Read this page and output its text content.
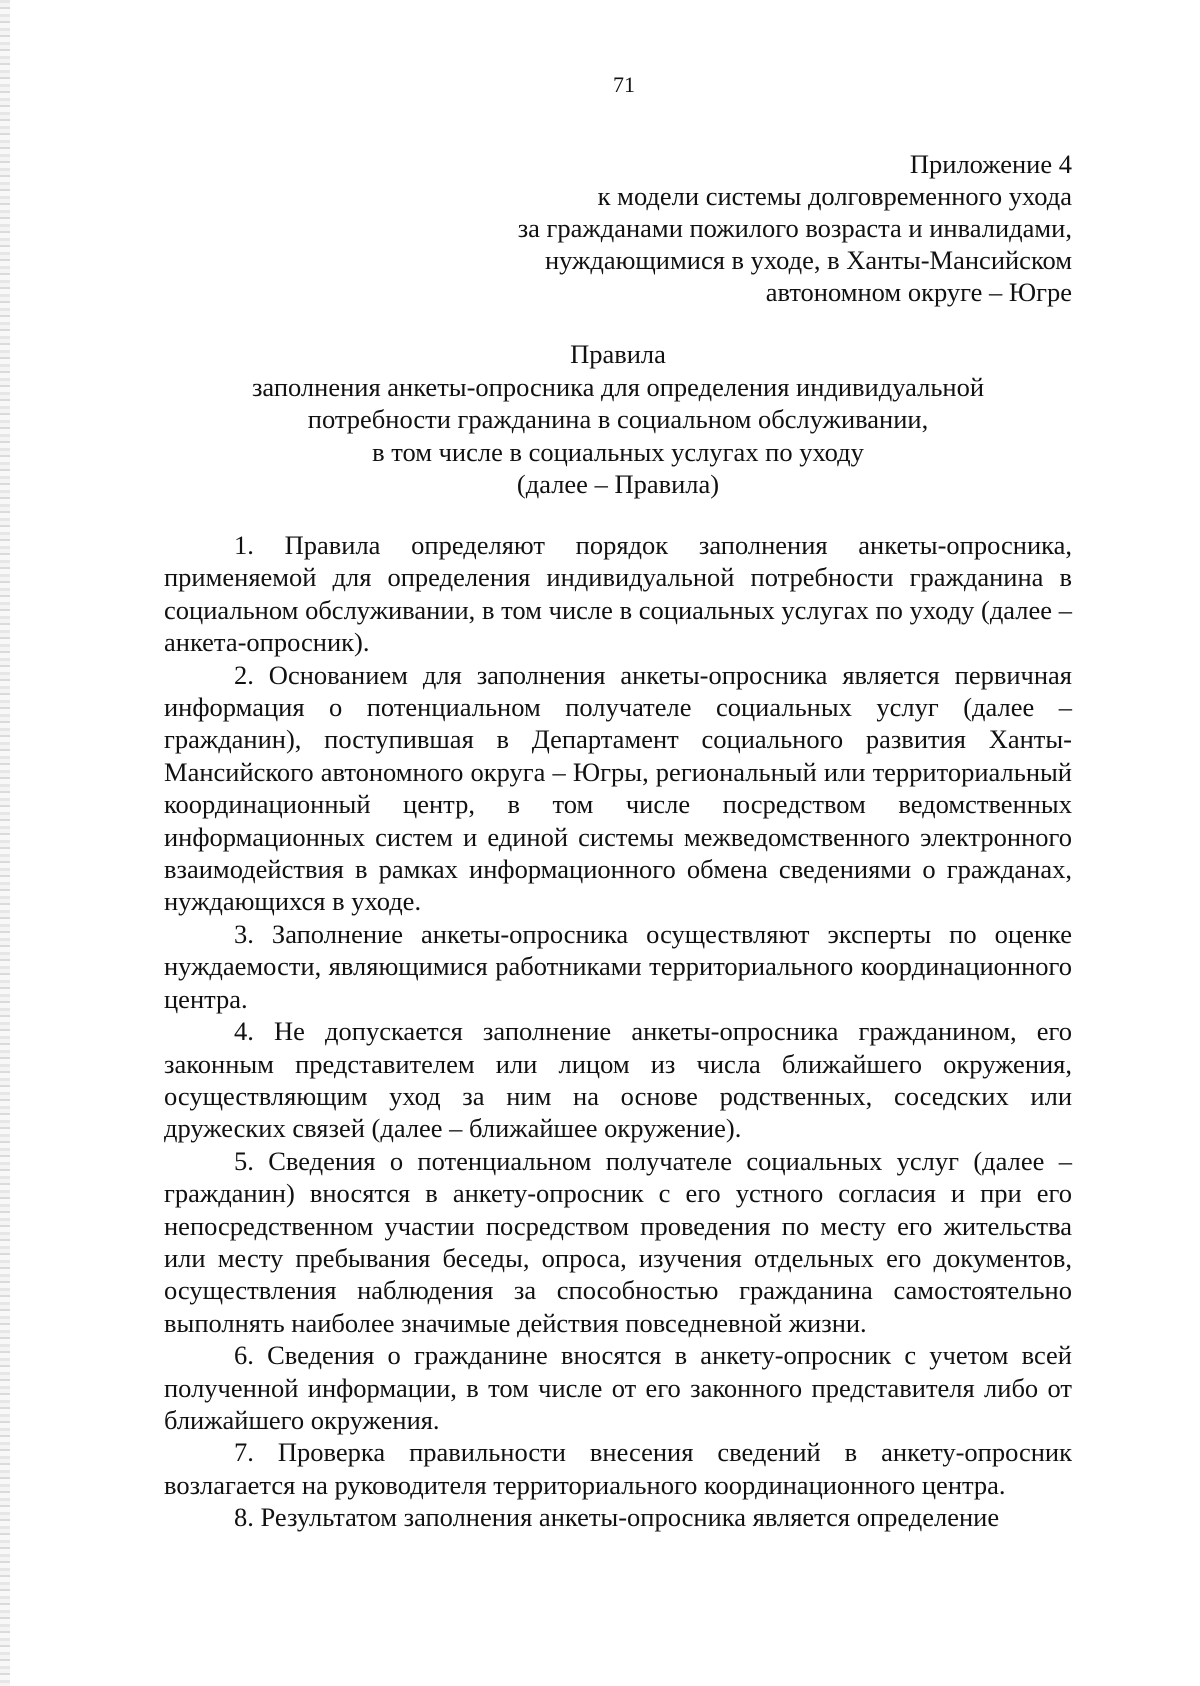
71
Приложение 4
к модели системы долговременного ухода
за гражданами пожилого возраста и инвалидами,
нуждающимися в уходе, в Ханты-Мансийском
автономном округе – Югре
Правила
заполнения анкеты-опросника для определения индивидуальной
потребности гражданина в социальном обслуживании,
в том числе в социальных услугах по уходу
(далее – Правила)

1. Правила определяют порядок заполнения анкеты-опросника, применяемой для определения индивидуальной потребности гражданина в социальном обслуживании, в том числе в социальных услугах по уходу (далее – анкета-опросник).

2. Основанием для заполнения анкеты-опросника является первичная информация о потенциальном получателе социальных услуг (далее – гражданин), поступившая в Департамент социального развития Ханты-Мансийского автономного округа – Югры, региональный или территориальный координационный центр, в том числе посредством ведомственных информационных систем и единой системы межведомственного электронного взаимодействия в рамках информационного обмена сведениями о гражданах, нуждающихся в уходе.

3. Заполнение анкеты-опросника осуществляют эксперты по оценке нуждаемости, являющимися работниками территориального координационного центра.

4. Не допускается заполнение анкеты-опросника гражданином, его законным представителем или лицом из числа ближайшего окружения, осуществляющим уход за ним на основе родственных, соседских или дружеских связей (далее – ближайшее окружение).

5. Сведения о потенциальном получателе социальных услуг (далее – гражданин) вносятся в анкету-опросник с его устного согласия и при его непосредственном участии посредством проведения по месту его жительства или месту пребывания беседы, опроса, изучения отдельных его документов, осуществления наблюдения за способностью гражданина самостоятельно выполнять наиболее значимые действия повседневной жизни.

6. Сведения о гражданине вносятся в анкету-опросник с учетом всей полученной информации, в том числе от его законного представителя либо от ближайшего окружения.

7. Проверка правильности внесения сведений в анкету-опросник возлагается на руководителя территориального координационного центра.

8. Результатом заполнения анкеты-опросника является определение
